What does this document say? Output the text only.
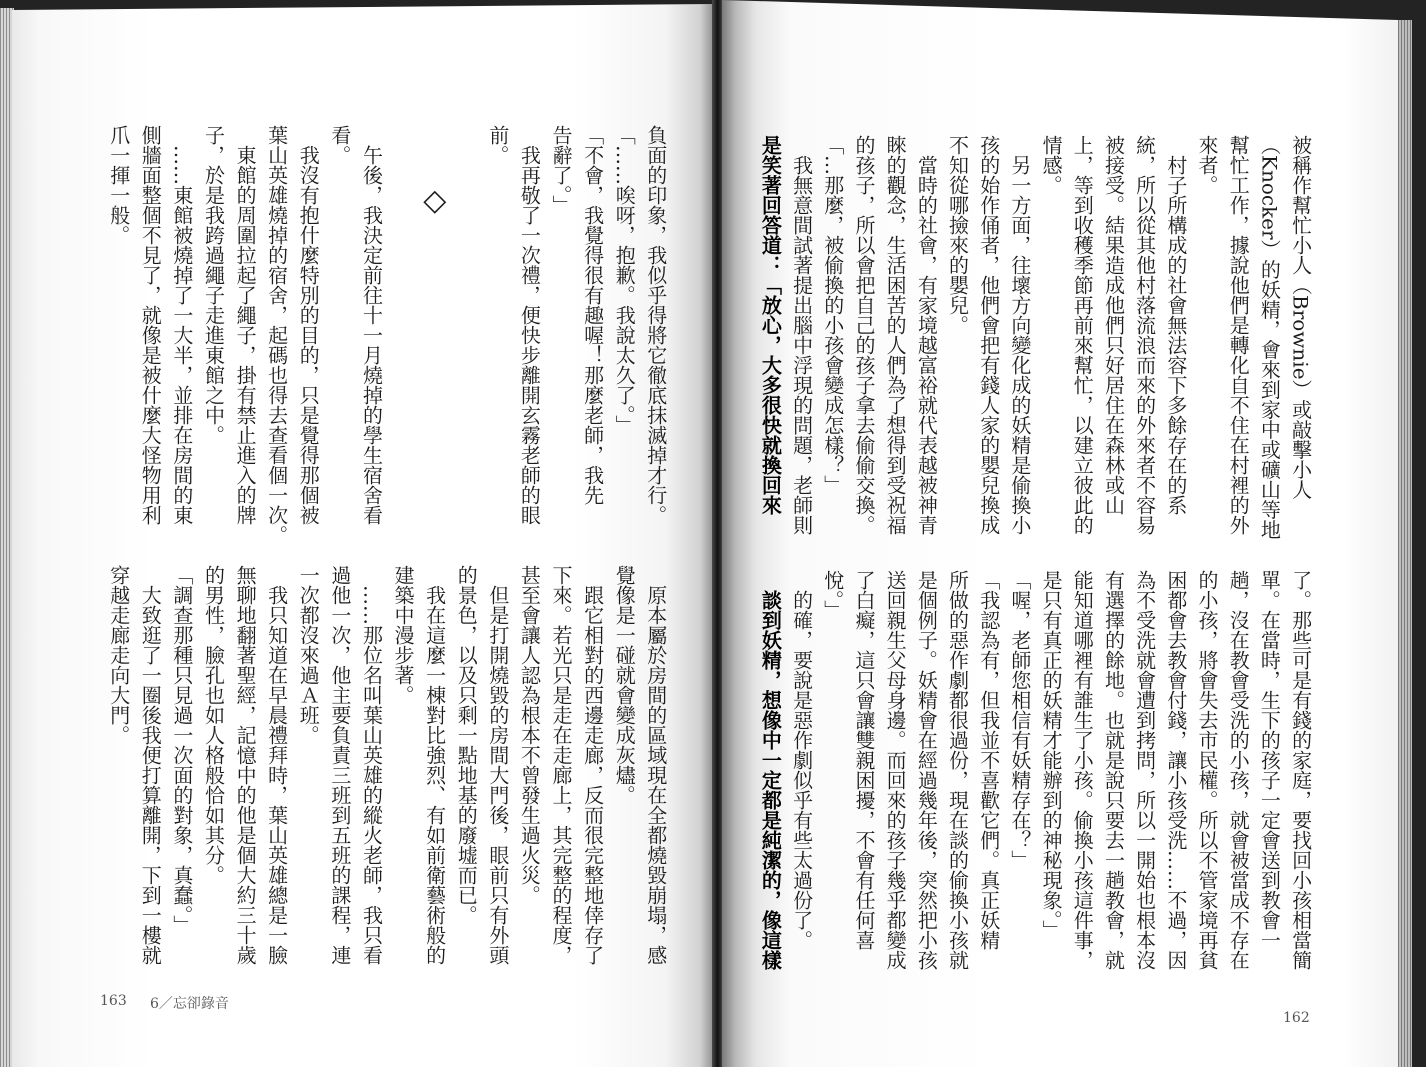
負面的印象，我似乎得將它徹底抹滅掉才行。
「……唉呀，抱歉。我說太久了。」
「不會，我覺得很有趣喔！那麼老師，我先
告辭了。」
我再敬了一次禮，便快步離開玄霧老師的眼
前。
◇
午後，我決定前往十一月燒掉的學生宿舍看
看。
我沒有抱什麼特別的目的，只是覺得那個被
葉山英雄燒掉的宿舍，起碼也得去查看個一次。
東館的周圍拉起了繩子，掛有禁止進入的牌
子，於是我跨過繩子走進東館之中。
……東館被燒掉了一大半，並排在房間的東
側牆面整個不見了，就像是被什麼大怪物用利
爪一揮一般。
原本屬於房間的區域現在全都燒毀崩塌，感
覺像是一碰就會變成灰燼。
跟它相對的西邊走廊，反而很完整地倖存了
下來。若光只是走在走廊上，其完整的程度，
甚至會讓人認為根本不曾發生過火災。
但是打開燒毀的房間大門後，眼前只有外頭
的景色，以及只剩一點地基的廢墟而已。
我在這麼一棟對比強烈、有如前衛藝術般的
建築中漫步著。
……那位名叫葉山英雄的縱火老師，我只看
過他一次，他主要負責三班到五班的課程，連
一次都沒來過Ａ班。
我只知道在早晨禮拜時，葉山英雄總是一臉
無聊地翻著聖經，記憶中的他是個大約三十歲
的男性，臉孔也如人格般恰如其分。
「調查那種只見過一次面的對象，真蠢。」
大致逛了一圈後我便打算離開，下到一樓就
穿越走廊走向大門。
被稱作幫忙小人（Brownie）或敲擊小人
（Knocker）的妖精，會來到家中或礦山等地
幫忙工作，據說他們是轉化自不住在村裡的外
來者。
村子所構成的社會無法容下多餘存在的系
統，所以從其他村落流浪而來的外來者不容易
被接受。結果造成他們只好居住在森林或山
上，等到收穫季節再前來幫忙，以建立彼此的
情感。
另一方面，往壞方向變化成的妖精是偷換小
孩的始作俑者，他們會把有錢人家的嬰兒換成
不知從哪撿來的嬰兒。
當時的社會，有家境越富裕就代表越被神青
睞的觀念，生活困苦的人們為了想得到受祝福
的孩子，所以會把自己的孩子拿去偷偷交換。
「…那麼，被偷換的小孩會變成怎樣？」
我無意間試著提出腦中浮現的問題，老師則
是笑著回答道：「放心，大多很快就換回來
了。那些可是有錢的家庭，要找回小孩相當簡
單。在當時，生下的孩子一定會送到教會一
趟，沒在教會受洗的小孩，就會被當成不存在
的小孩，將會失去市民權。所以不管家境再貧
困都會去教會付錢，讓小孩受洗……不過，因
為不受洗就會遭到拷問，所以一開始也根本沒
有選擇的餘地。也就是說只要去一趟教會，就
能知道哪裡有誰生了小孩。偷換小孩這件事，
是只有真正的妖精才能辦到的神秘現象。」
「喔，老師您相信有妖精存在？」
「我認為有，但我並不喜歡它們。真正妖精
所做的惡作劇都很過份，現在談的偷換小孩就
是個例子。妖精會在經過幾年後，突然把小孩
送回親生父母身邊。而回來的孩子幾乎都變成
了白癡，這只會讓雙親困擾，不會有任何喜
悅。」
的確，要說是惡作劇似乎有些太過份了。
談到妖精，想像中一定都是純潔的，像這樣
163 6／忘卻錄音
162
